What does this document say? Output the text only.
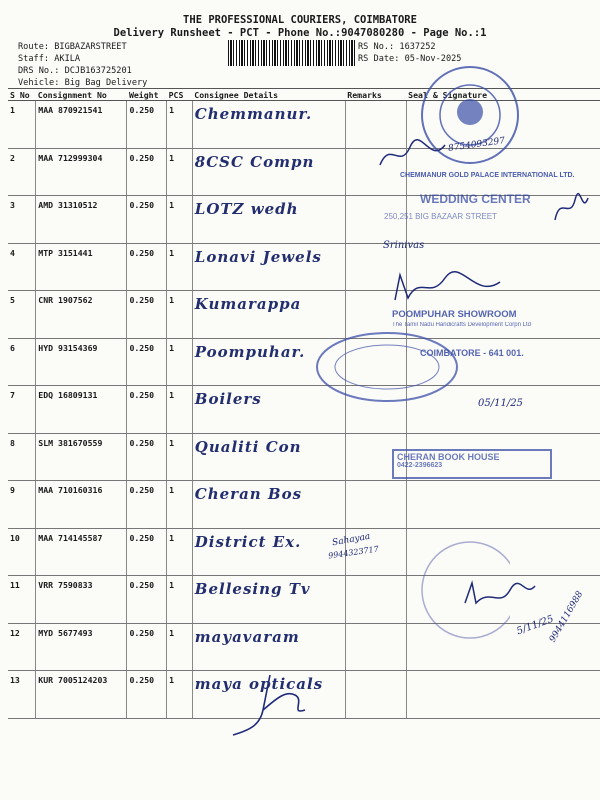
THE PROFESSIONAL COURIERS, COIMBATORE
Delivery Runsheet - PCT - Phone No.:9047080280 - Page No.:1
Route: BIGBAZARSTREET
Staff: AKILA
DRS No.: DCJB163725201
Vehicle: Big Bag Delivery
RS No.: 1637252
RS Date: 05-Nov-2025
S No	Consignment No	Weight	PCS	Consignee Details	Remarks	Seal & Signature
1	MAA 870921541	0.250	1	Chemmanur.		
2	MAA 712999304	0.250	1	8CSC Compn		
3	AMD 31310512	0.250	1	LOTZ wedh		
4	MTP 3151441	0.250	1	Lonavi Jewels		
5	CNR 1907562	0.250	1	Kumarappa		
6	HYD 93154369	0.250	1	Poompuhar.		
7	EDQ 16809131	0.250	1	Boilers		
8	SLM 381670559	0.250	1	Qualiti Con		
9	MAA 710160316	0.250	1	Cheran Bos		
10	MAA 714145587	0.250	1	District Ex.		
11	VRR 7590833	0.250	1	Bellesing Tv		
12	MYD 5677493	0.250	1	mayavaram		
13	KUR 7005124203	0.250	1	maya opticals		
CHEMMANUR GOLD PALACE INTERNATIONAL LTD.
WEDDING CENTER
250,251 BIG BAZAAR STREET
POOMPUHAR SHOWROOM
The Tamil Nadu Handicrafts Development Corpn Ltd
COIMBATORE - 641 001.
CHERAN BOOK HOUSE
0422-2396623
8754093297
Srinivas
05/11/25
Sahayaa
9944323717
5/11/25
9944116988
